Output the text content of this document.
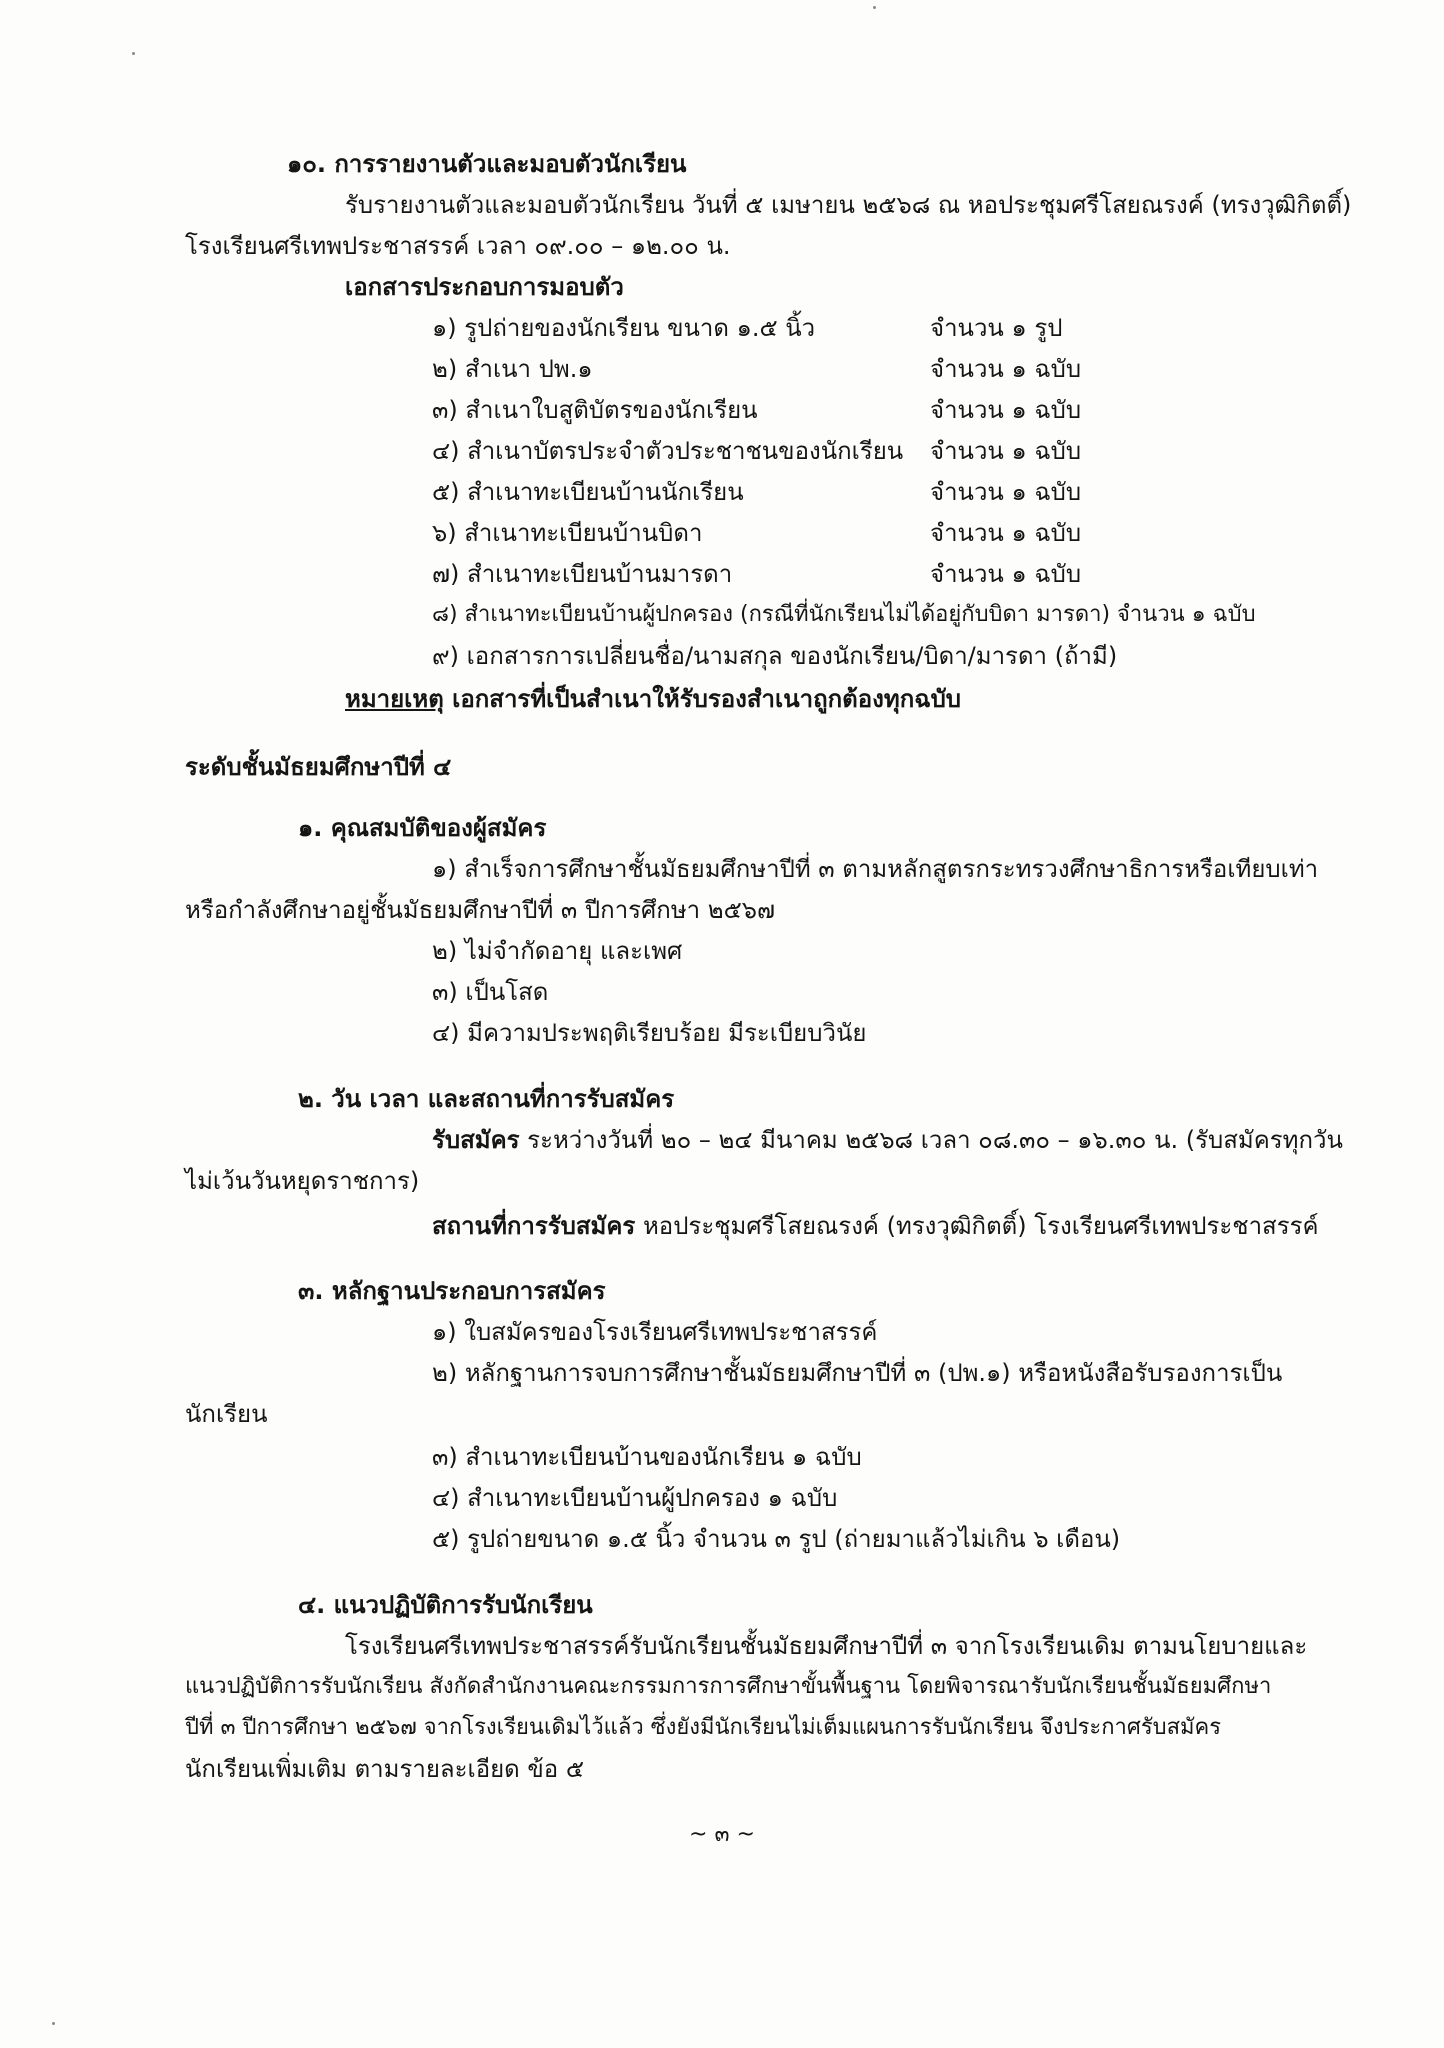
๑๐. การรายงานตัวและมอบตัวนักเรียน
รับรายงานตัวและมอบตัวนักเรียน วันที่ ๕ เมษายน ๒๕๖๘ ณ หอประชุมศรีโสยณรงค์ (ทรงวุฒิกิตติ์)
โรงเรียนศรีเทพประชาสรรค์ เวลา ๐๙.๐๐ – ๑๒.๐๐ น.
เอกสารประกอบการมอบตัว
๑) รูปถ่ายของนักเรียน ขนาด ๑.๕ นิ้ว	จำนวน ๑ รูป
๒) สำเนา ปพ.๑	จำนวน ๑ ฉบับ
๓) สำเนาใบสูติบัตรของนักเรียน	จำนวน ๑ ฉบับ
๔) สำเนาบัตรประจำตัวประชาชนของนักเรียน จำนวน ๑ ฉบับ
๕) สำเนาทะเบียนบ้านนักเรียน	จำนวน ๑ ฉบับ
๖) สำเนาทะเบียนบ้านบิดา	จำนวน ๑ ฉบับ
๗) สำเนาทะเบียนบ้านมารดา	จำนวน ๑ ฉบับ
๘) สำเนาทะเบียนบ้านผู้ปกครอง (กรณีที่นักเรียนไม่ได้อยู่กับบิดา มารดา) จำนวน ๑ ฉบับ
๙) เอกสารการเปลี่ยนชื่อ/นามสกุล ของนักเรียน/บิดา/มารดา (ถ้ามี)
หมายเหตุ เอกสารที่เป็นสำเนาให้รับรองสำเนาถูกต้องทุกฉบับ
ระดับชั้นมัธยมศึกษาปีที่ ๔
๑. คุณสมบัติของผู้สมัคร
๑) สำเร็จการศึกษาชั้นมัธยมศึกษาปีที่ ๓ ตามหลักสูตรกระทรวงศึกษาธิการหรือเทียบเท่า
หรือกำลังศึกษาอยู่ชั้นมัธยมศึกษาปีที่ ๓ ปีการศึกษา ๒๕๖๗
๒) ไม่จำกัดอายุ และเพศ
๓) เป็นโสด
๔) มีความประพฤติเรียบร้อย มีระเบียบวินัย
๒. วัน เวลา และสถานที่การรับสมัคร
รับสมัคร ระหว่างวันที่ ๒๐ – ๒๔ มีนาคม ๒๕๖๘ เวลา ๐๘.๓๐ – ๑๖.๓๐ น. (รับสมัครทุกวัน
ไม่เว้นวันหยุดราชการ)
สถานที่การรับสมัคร หอประชุมศรีโสยณรงค์ (ทรงวุฒิกิตติ์) โรงเรียนศรีเทพประชาสรรค์
๓. หลักฐานประกอบการสมัคร
๑) ใบสมัครของโรงเรียนศรีเทพประชาสรรค์
๒) หลักฐานการจบการศึกษาชั้นมัธยมศึกษาปีที่ ๓ (ปพ.๑) หรือหนังสือรับรองการเป็น
นักเรียน
๓) สำเนาทะเบียนบ้านของนักเรียน ๑ ฉบับ
๔) สำเนาทะเบียนบ้านผู้ปกครอง ๑ ฉบับ
๕) รูปถ่ายขนาด ๑.๕ นิ้ว จำนวน ๓ รูป (ถ่ายมาแล้วไม่เกิน ๖ เดือน)
๔. แนวปฏิบัติการรับนักเรียน
โรงเรียนศรีเทพประชาสรรค์รับนักเรียนชั้นมัธยมศึกษาปีที่ ๓ จากโรงเรียนเดิม ตามนโยบายและ
แนวปฏิบัติการรับนักเรียน สังกัดสำนักงานคณะกรรมการการศึกษาขั้นพื้นฐาน โดยพิจารณารับนักเรียนชั้นมัธยมศึกษา
ปีที่ ๓ ปีการศึกษา ๒๕๖๗ จากโรงเรียนเดิมไว้แล้ว ซึ่งยังมีนักเรียนไม่เต็มแผนการรับนักเรียน จึงประกาศรับสมัคร
นักเรียนเพิ่มเติม ตามรายละเอียด ข้อ ๕
~ ๓ ~
